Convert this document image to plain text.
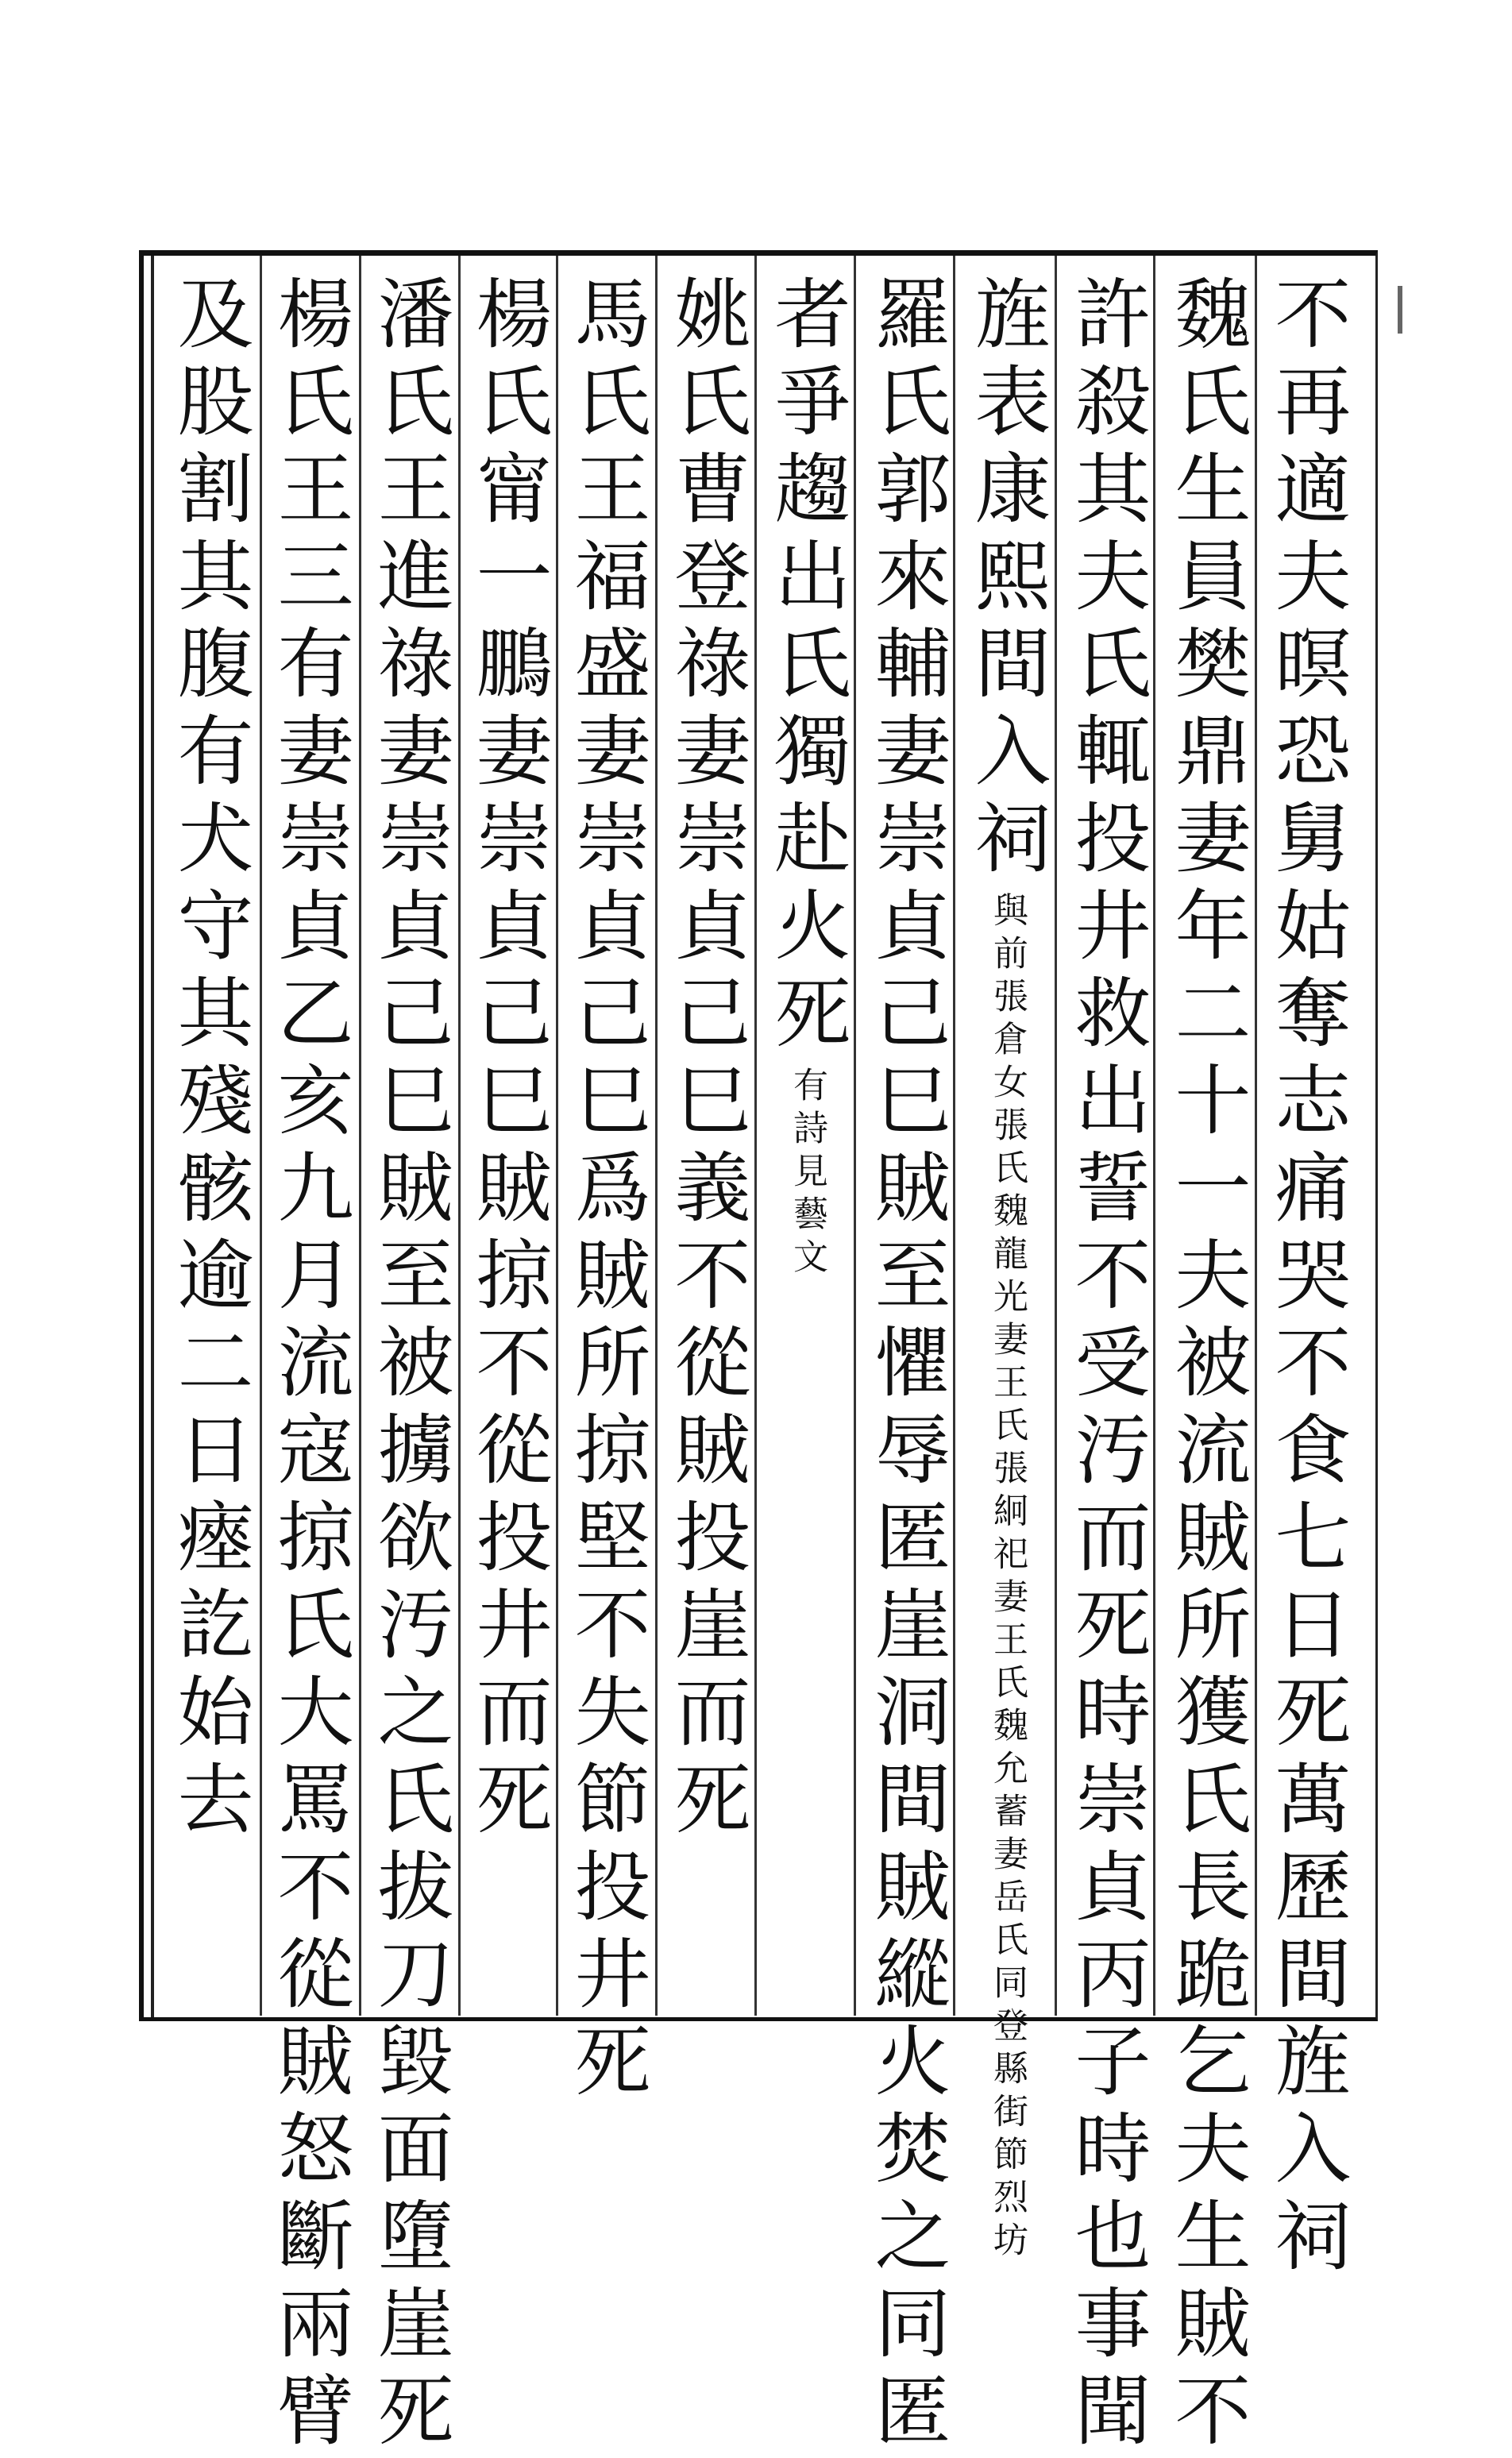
不再適夫暝恐舅姑奪志痛哭不食七日死萬歷間旌入祠
魏氏生員樊鼎妻年二十一夫被流賊所獲氏長跪乞夫生賊不
許殺其夫氏輒投井救出誓不受汚而死時崇貞丙子時也事聞
旌表康熙間入祠與前張倉女張氏魏龍光妻王氏張絅祀妻王氏魏允蓄妻岳氏同登縣街節烈坊
羅氏郭來輔妻崇貞己巳賊至懼辱匿崖洞間賊縱火焚之同匿
者爭趨出氏獨赴火死有詩見藝文
姚氏曹登祿妻崇貞己巳義不從賊投崖而死
馬氏王福盛妻崇貞己巳爲賊所掠堅不失節投井死
楊氏甯一鵬妻崇貞己巳賊掠不從投井而死
潘氏王進祿妻崇貞己巳賊至被擄欲汚之氏拔刀毀面墮崖死
楊氏王三有妻崇貞乙亥九月流寇掠氏大罵不從賊怒斷兩臂
及股割其腹有犬守其殘骸逾二日瘞訖始去
